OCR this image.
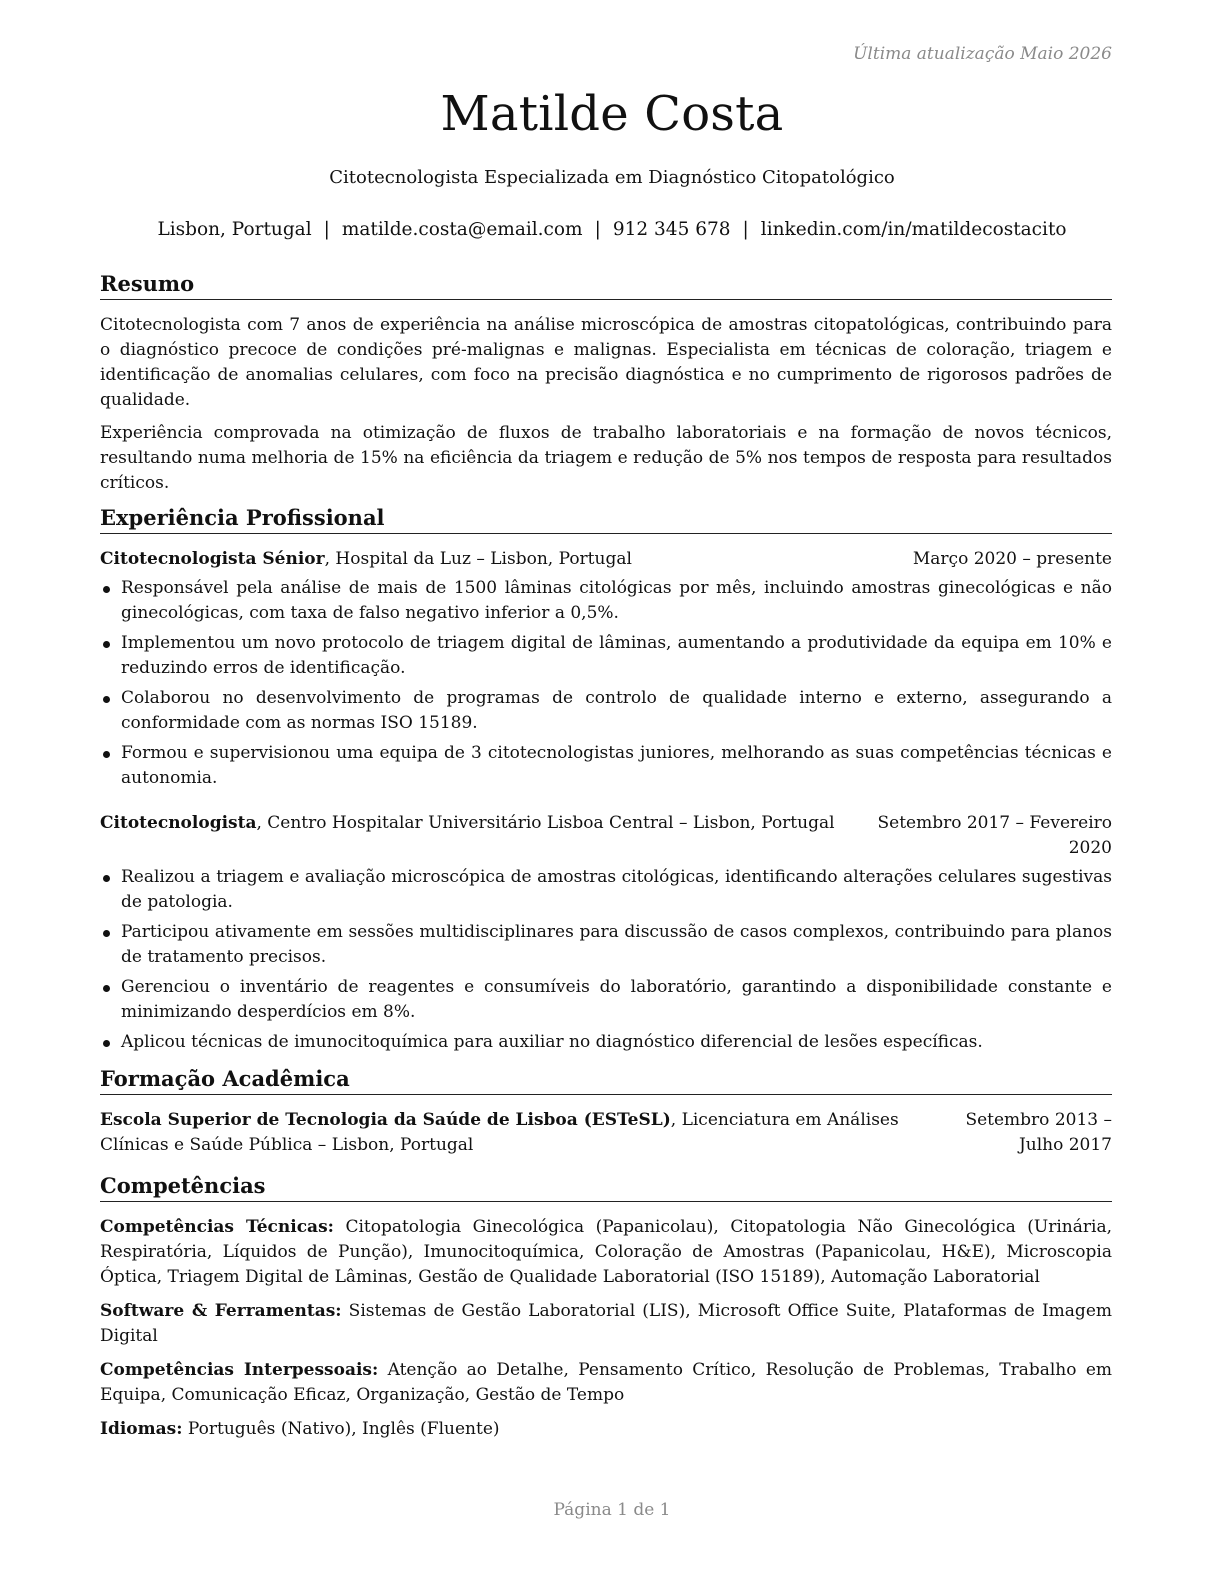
Última atualização Maio 2026
Matilde Costa
Citotecnologista Especializada em Diagnóstico Citopatológico
Lisbon, Portugal | matilde.costa@email.com | 912 345 678 | linkedin.com/in/matildecostacito
Resumo

Citotecnologista com 7 anos de experiência na análise microscópica de amostras citopatológicas, contribuindo para o diagnóstico precoce de condições pré-malignas e malignas. Especialista em técnicas de coloração, triagem e identificação de anomalias celulares, com foco na precisão diagnóstica e no cumprimento de rigorosos padrões de qualidade.

Experiência comprovada na otimização de fluxos de trabalho laboratoriais e na formação de novos técnicos, resultando numa melhoria de 15% na eficiência da triagem e redução de 5% nos tempos de resposta para resultados críticos.

Experiência Profissional
Citotecnologista Sénior, Hospital da Luz – Lisbon, Portugal	Março 2020 – presente
Responsável pela análise de mais de 1500 lâminas citológicas por mês, incluindo amostras ginecológicas e não ginecológicas, com taxa de falso negativo inferior a 0,5%.
Implementou um novo protocolo de triagem digital de lâminas, aumentando a produtividade da equipa em 10% e reduzindo erros de identificação.
Colaborou no desenvolvimento de programas de controlo de qualidade interno e externo, assegurando a conformidade com as normas ISO 15189.
Formou e supervisionou uma equipa de 3 citotecnologistas juniores, melhorando as suas competências técnicas e autonomia.
Citotecnologista, Centro Hospitalar Universitário Lisboa Central – Lisbon, Portugal	Setembro 2017 – Fevereiro 2020
Realizou a triagem e avaliação microscópica de amostras citológicas, identificando alterações celulares sugestivas de patologia.
Participou ativamente em sessões multidisciplinares para discussão de casos complexos, contribuindo para planos de tratamento precisos.
Gerenciou o inventário de reagentes e consumíveis do laboratório, garantindo a disponibilidade constante e minimizando desperdícios em 8%.
Aplicou técnicas de imunocitoquímica para auxiliar no diagnóstico diferencial de lesões específicas.
Formação Acadêmica
Escola Superior de Tecnologia da Saúde de Lisboa (ESTeSL), Licenciatura em Análises Clínicas e Saúde Pública – Lisbon, Portugal
Setembro 2013 – Julho 2017
Competências

Competências Técnicas: Citopatologia Ginecológica (Papanicolau), Citopatologia Não Ginecológica (Urinária, Respiratória, Líquidos de Punção), Imunocitoquímica, Coloração de Amostras (Papanicolau, H&E), Microscopia Óptica, Triagem Digital de Lâminas, Gestão de Qualidade Laboratorial (ISO 15189), Automação Laboratorial

Software & Ferramentas: Sistemas de Gestão Laboratorial (LIS), Microsoft Office Suite, Plataformas de Imagem Digital

Competências Interpessoais: Atenção ao Detalhe, Pensamento Crítico, Resolução de Problemas, Trabalho em Equipa, Comunicação Eficaz, Organização, Gestão de Tempo

Idiomas: Português (Nativo), Inglês (Fluente)

Página 1 de 1
